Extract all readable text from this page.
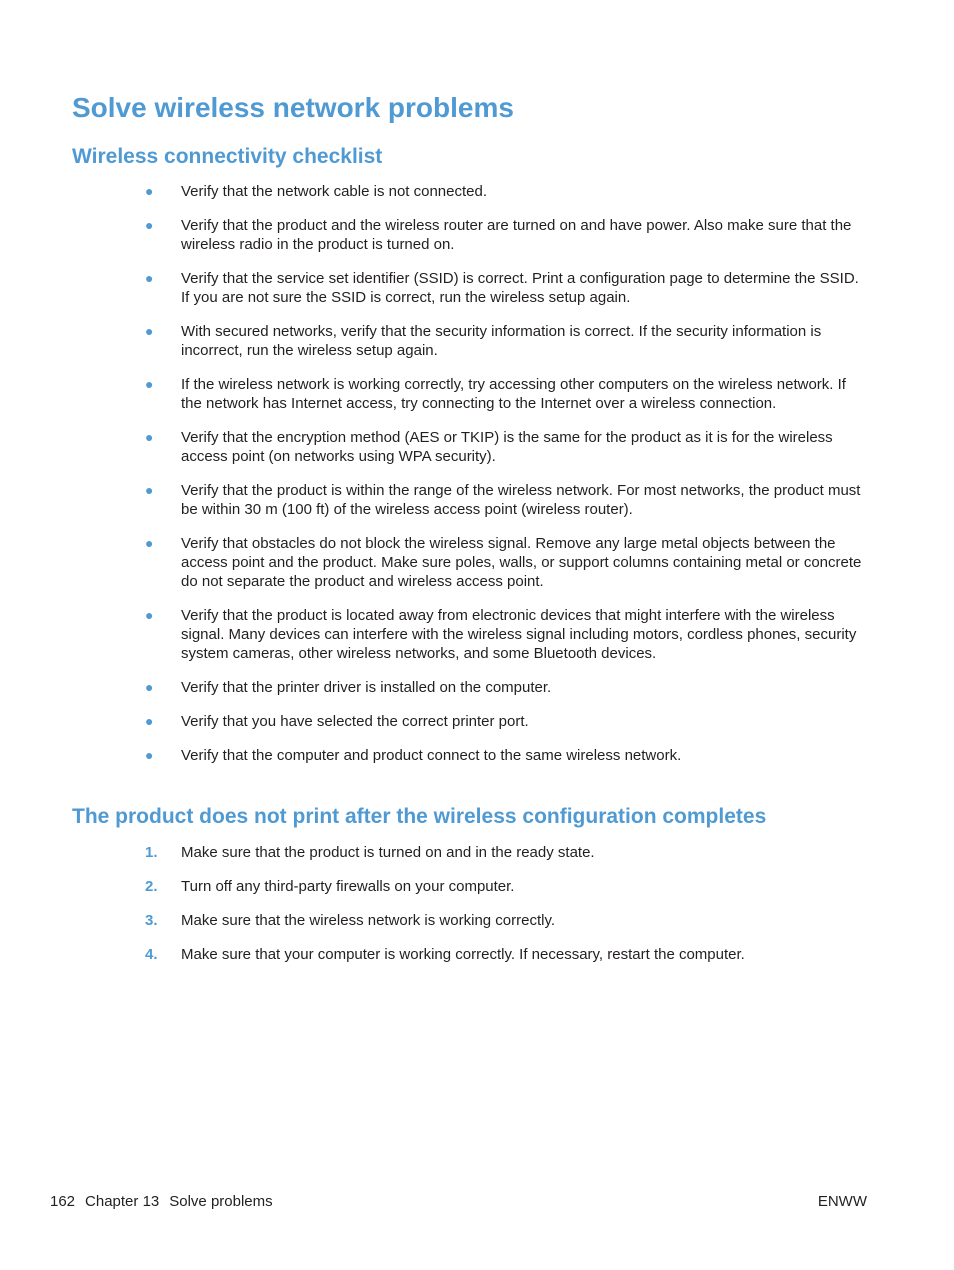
Solve wireless network problems
Wireless connectivity checklist
● Verify that the network cable is not connected.
● Verify that the product and the wireless router are turned on and have power. Also make sure that the wireless radio in the product is turned on.
● Verify that the service set identifier (SSID) is correct. Print a configuration page to determine the SSID. If you are not sure the SSID is correct, run the wireless setup again.
● With secured networks, verify that the security information is correct. If the security information is incorrect, run the wireless setup again.
● If the wireless network is working correctly, try accessing other computers on the wireless network. If the network has Internet access, try connecting to the Internet over a wireless connection.
● Verify that the encryption method (AES or TKIP) is the same for the product as it is for the wireless access point (on networks using WPA security).
● Verify that the product is within the range of the wireless network. For most networks, the product must be within 30 m (100 ft) of the wireless access point (wireless router).
● Verify that obstacles do not block the wireless signal. Remove any large metal objects between the access point and the product. Make sure poles, walls, or support columns containing metal or concrete do not separate the product and wireless access point.
● Verify that the product is located away from electronic devices that might interfere with the wireless signal. Many devices can interfere with the wireless signal including motors, cordless phones, security system cameras, other wireless networks, and some Bluetooth devices.
● Verify that the printer driver is installed on the computer.
● Verify that you have selected the correct printer port.
● Verify that the computer and product connect to the same wireless network.
The product does not print after the wireless configuration completes
1. Make sure that the product is turned on and in the ready state.
2. Turn off any third-party firewalls on your computer.
3. Make sure that the wireless network is working correctly.
4. Make sure that your computer is working correctly. If necessary, restart the computer.
162 Chapter 13 Solve problems	ENWW
